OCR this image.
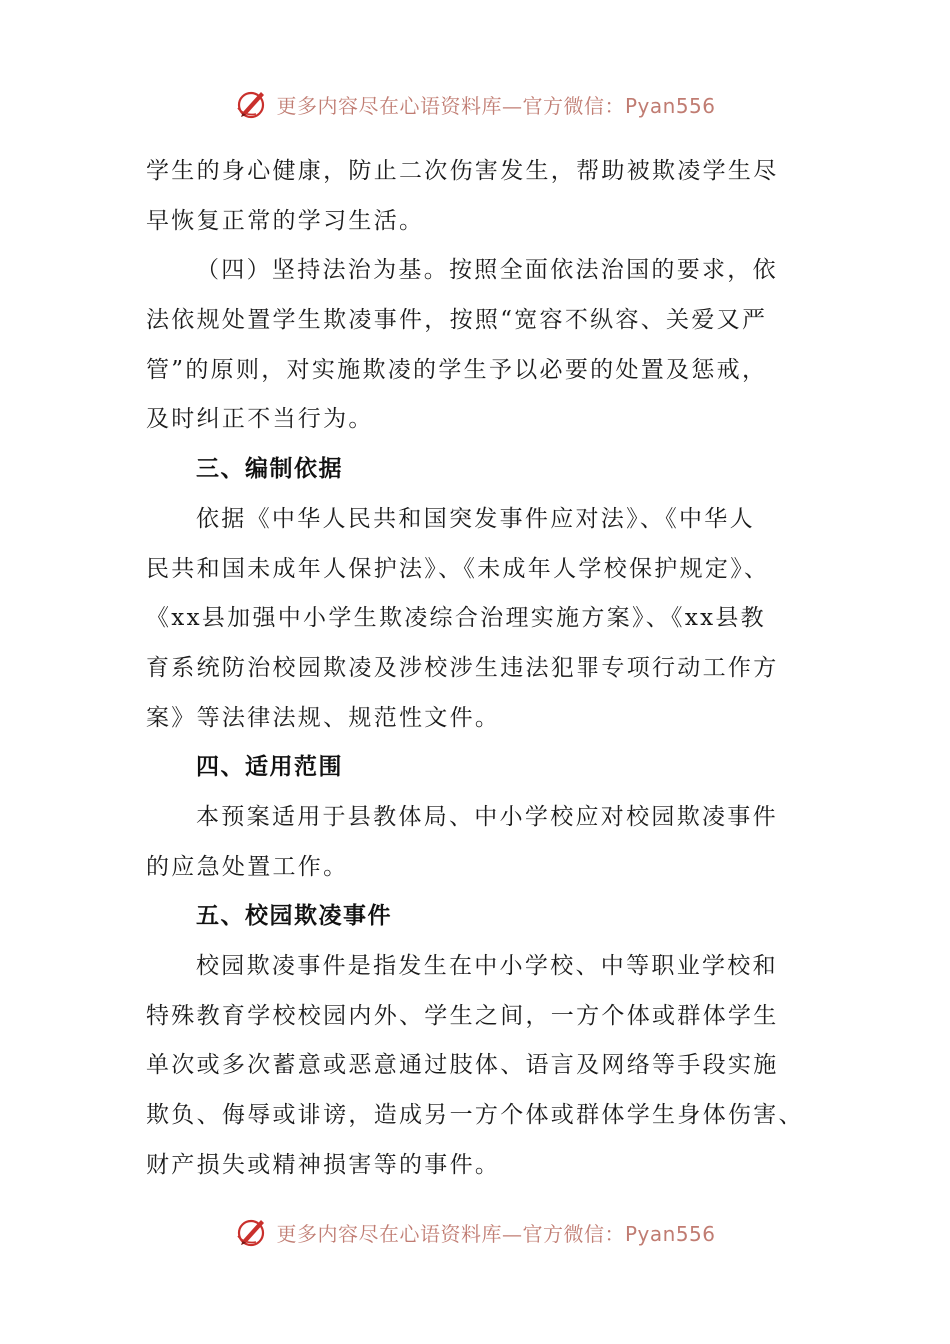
更多内容尽在心语资料库—官方微信：Pyan556
学生的身心健康，防止二次伤害发生，帮助被欺凌学生尽
早恢复正常的学习生活。
（四）坚持法治为基。按照全面依法治国的要求，依
法依规处置学生欺凌事件，按照“宽容不纵容、关爱又严
管”的原则，对实施欺凌的学生予以必要的处置及惩戒，
及时纠正不当行为。
三、编制依据
依据《中华人民共和国突发事件应对法》、《中华人
民共和国未成年人保护法》、《未成年人学校保护规定》、
《xx县加强中小学生欺凌综合治理实施方案》、《xx县教
育系统防治校园欺凌及涉校涉生违法犯罪专项行动工作方
案》等法律法规、规范性文件。
四、适用范围
本预案适用于县教体局、中小学校应对校园欺凌事件
的应急处置工作。
五、校园欺凌事件
校园欺凌事件是指发生在中小学校、中等职业学校和
特殊教育学校校园内外、学生之间，一方个体或群体学生
单次或多次蓄意或恶意通过肢体、语言及网络等手段实施
欺负、侮辱或诽谤，造成另一方个体或群体学生身体伤害、
财产损失或精神损害等的事件。
更多内容尽在心语资料库—官方微信：Pyan556
